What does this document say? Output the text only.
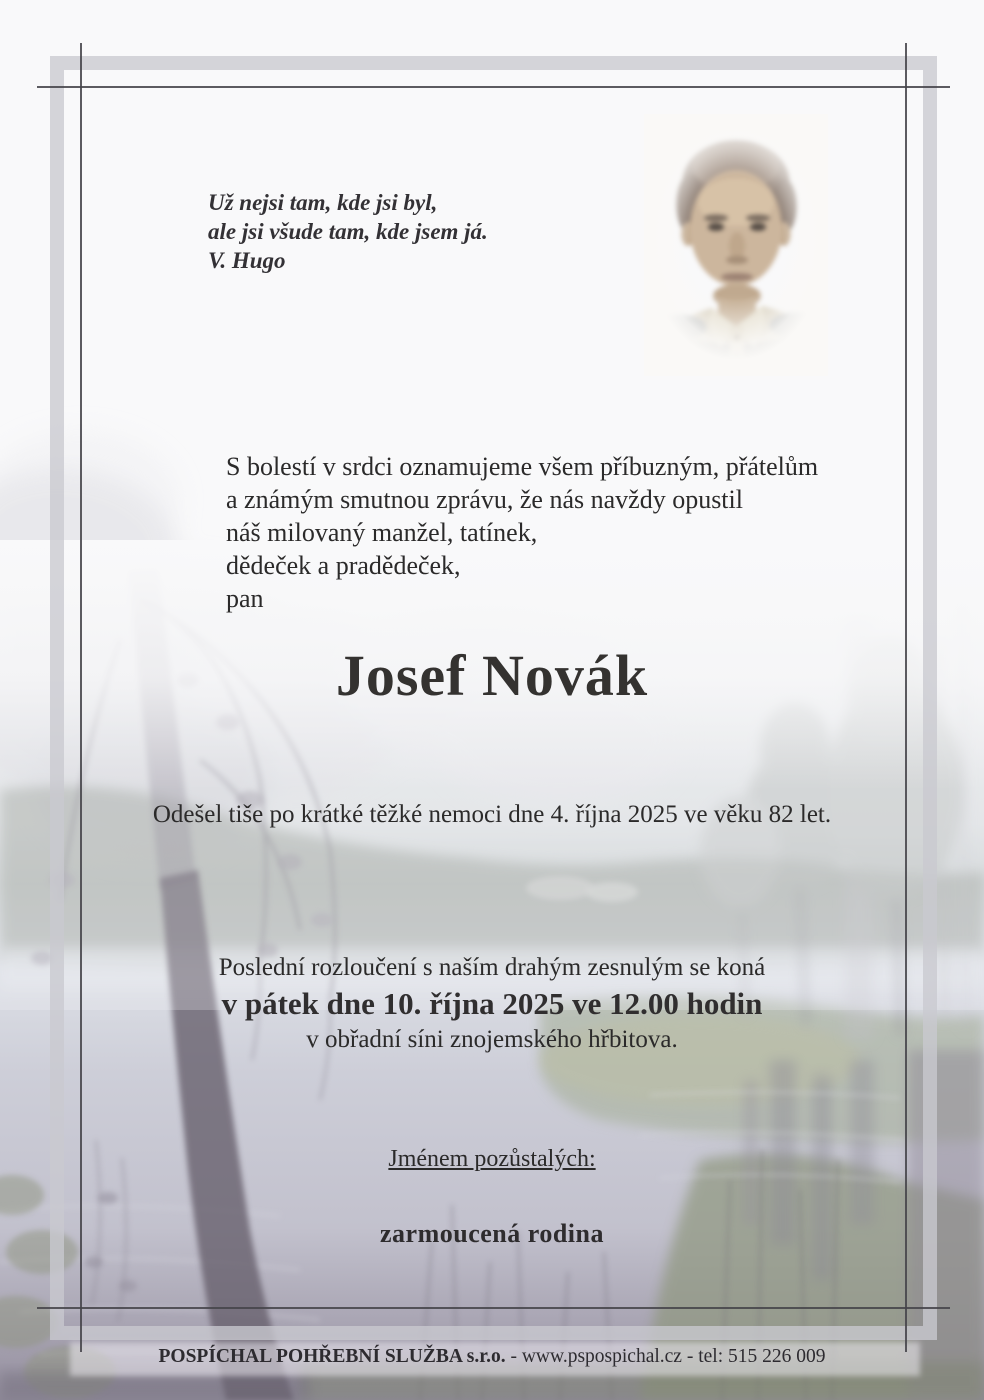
Už nejsi tam, kde jsi byl,
ale jsi všude tam, kde jsem já.
V. Hugo
S bolestí v srdci oznamujeme všem příbuzným, přátelům
a známým smutnou zprávu, že nás navždy opustil
náš milovaný manžel, tatínek,
dědeček a pradědeček,
pan
Josef Novák
Odešel tiše po krátké těžké nemoci dne 4. října 2025 ve věku 82 let.
Poslední rozloučení s naším drahým zesnulým se koná
v pátek dne 10. října 2025 ve 12.00 hodin
v obřadní síni znojemského hřbitova.
Jménem pozůstalých:
zarmoucená rodina
POSPÍCHAL POHŘEBNÍ SLUŽBA s.r.o. - www.pspospichal.cz - tel: 515 226 009
